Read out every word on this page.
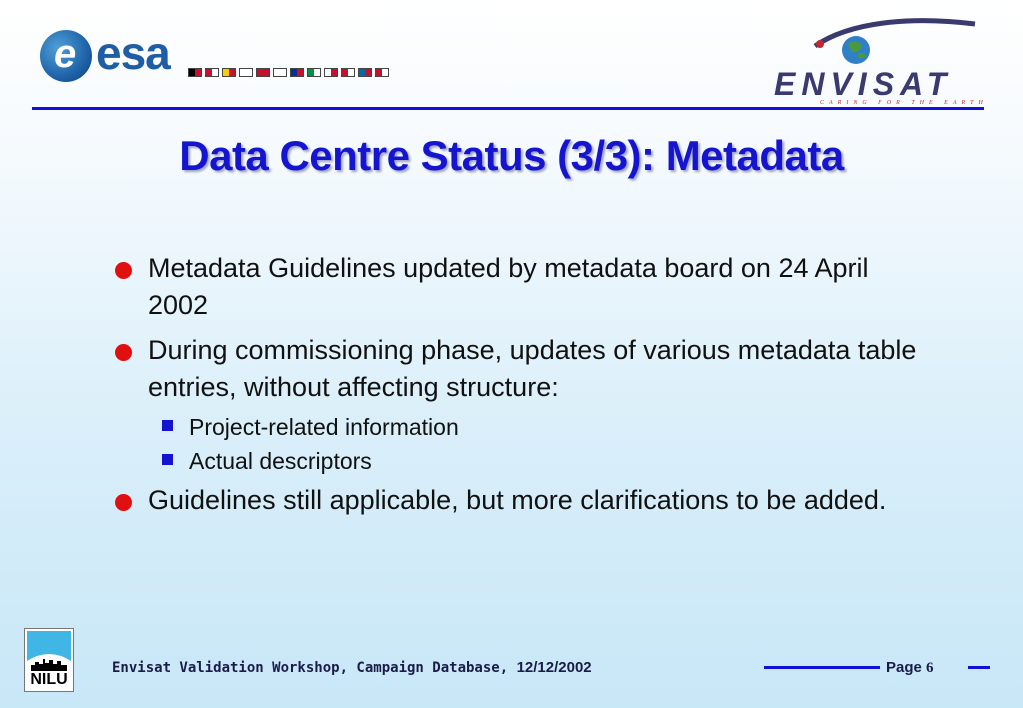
e esa
ENVISAT
CARING FOR THE EARTH
Data Centre Status (3/3): Metadata
Metadata Guidelines updated by metadata board on 24 April 2002
During commissioning phase, updates of various metadata table entries, without affecting structure:
Project-related information
Actual descriptors
Guidelines still applicable, but more clarifications to be added.
NILU
Envisat Validation Workshop, Campaign Database, 12/12/2002	Page 6
